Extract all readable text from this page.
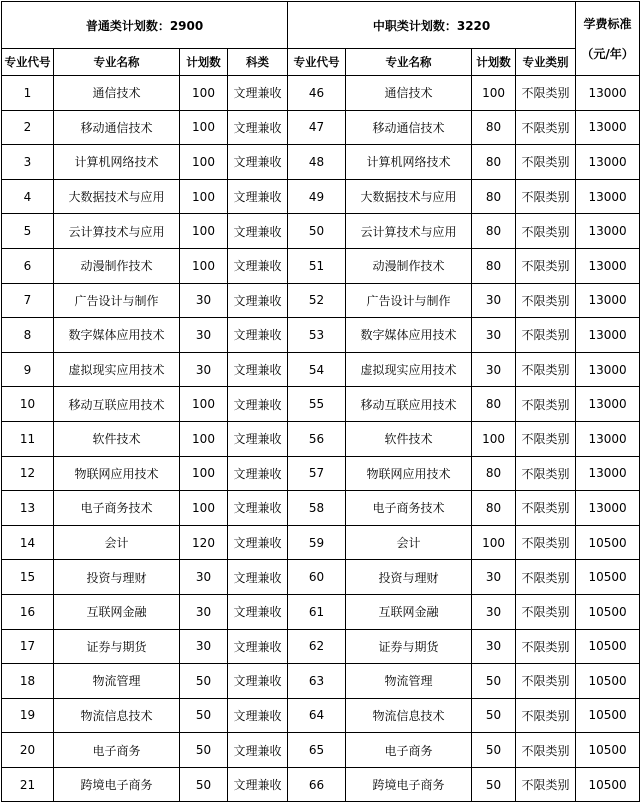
普通类计划数：2900				中职类计划数：3220				学费标准
（元/年）

专业代号	专业名称	计划数	科类	专业代号	专业名称	计划数	专业类别	
1	通信技术	100	文理兼收	46	通信技术	100	不限类别	13000
2	移动通信技术	100	文理兼收	47	移动通信技术	80	不限类别	13000
3	计算机网络技术	100	文理兼收	48	计算机网络技术	80	不限类别	13000
4	大数据技术与应用	100	文理兼收	49	大数据技术与应用	80	不限类别	13000
5	云计算技术与应用	100	文理兼收	50	云计算技术与应用	80	不限类别	13000
6	动漫制作技术	100	文理兼收	51	动漫制作技术	80	不限类别	13000
7	广告设计与制作	30	文理兼收	52	广告设计与制作	30	不限类别	13000
8	数字媒体应用技术	30	文理兼收	53	数字媒体应用技术	30	不限类别	13000
9	虚拟现实应用技术	30	文理兼收	54	虚拟现实应用技术	30	不限类别	13000
10	移动互联应用技术	100	文理兼收	55	移动互联应用技术	80	不限类别	13000
11	软件技术	100	文理兼收	56	软件技术	100	不限类别	13000
12	物联网应用技术	100	文理兼收	57	物联网应用技术	80	不限类别	13000
13	电子商务技术	100	文理兼收	58	电子商务技术	80	不限类别	13000
14	会计	120	文理兼收	59	会计	100	不限类别	10500
15	投资与理财	30	文理兼收	60	投资与理财	30	不限类别	10500
16	互联网金融	30	文理兼收	61	互联网金融	30	不限类别	10500
17	证券与期货	30	文理兼收	62	证券与期货	30	不限类别	10500
18	物流管理	50	文理兼收	63	物流管理	50	不限类别	10500
19	物流信息技术	50	文理兼收	64	物流信息技术	50	不限类别	10500
20	电子商务	50	文理兼收	65	电子商务	50	不限类别	10500
21	跨境电子商务	50	文理兼收	66	跨境电子商务	50	不限类别	10500
